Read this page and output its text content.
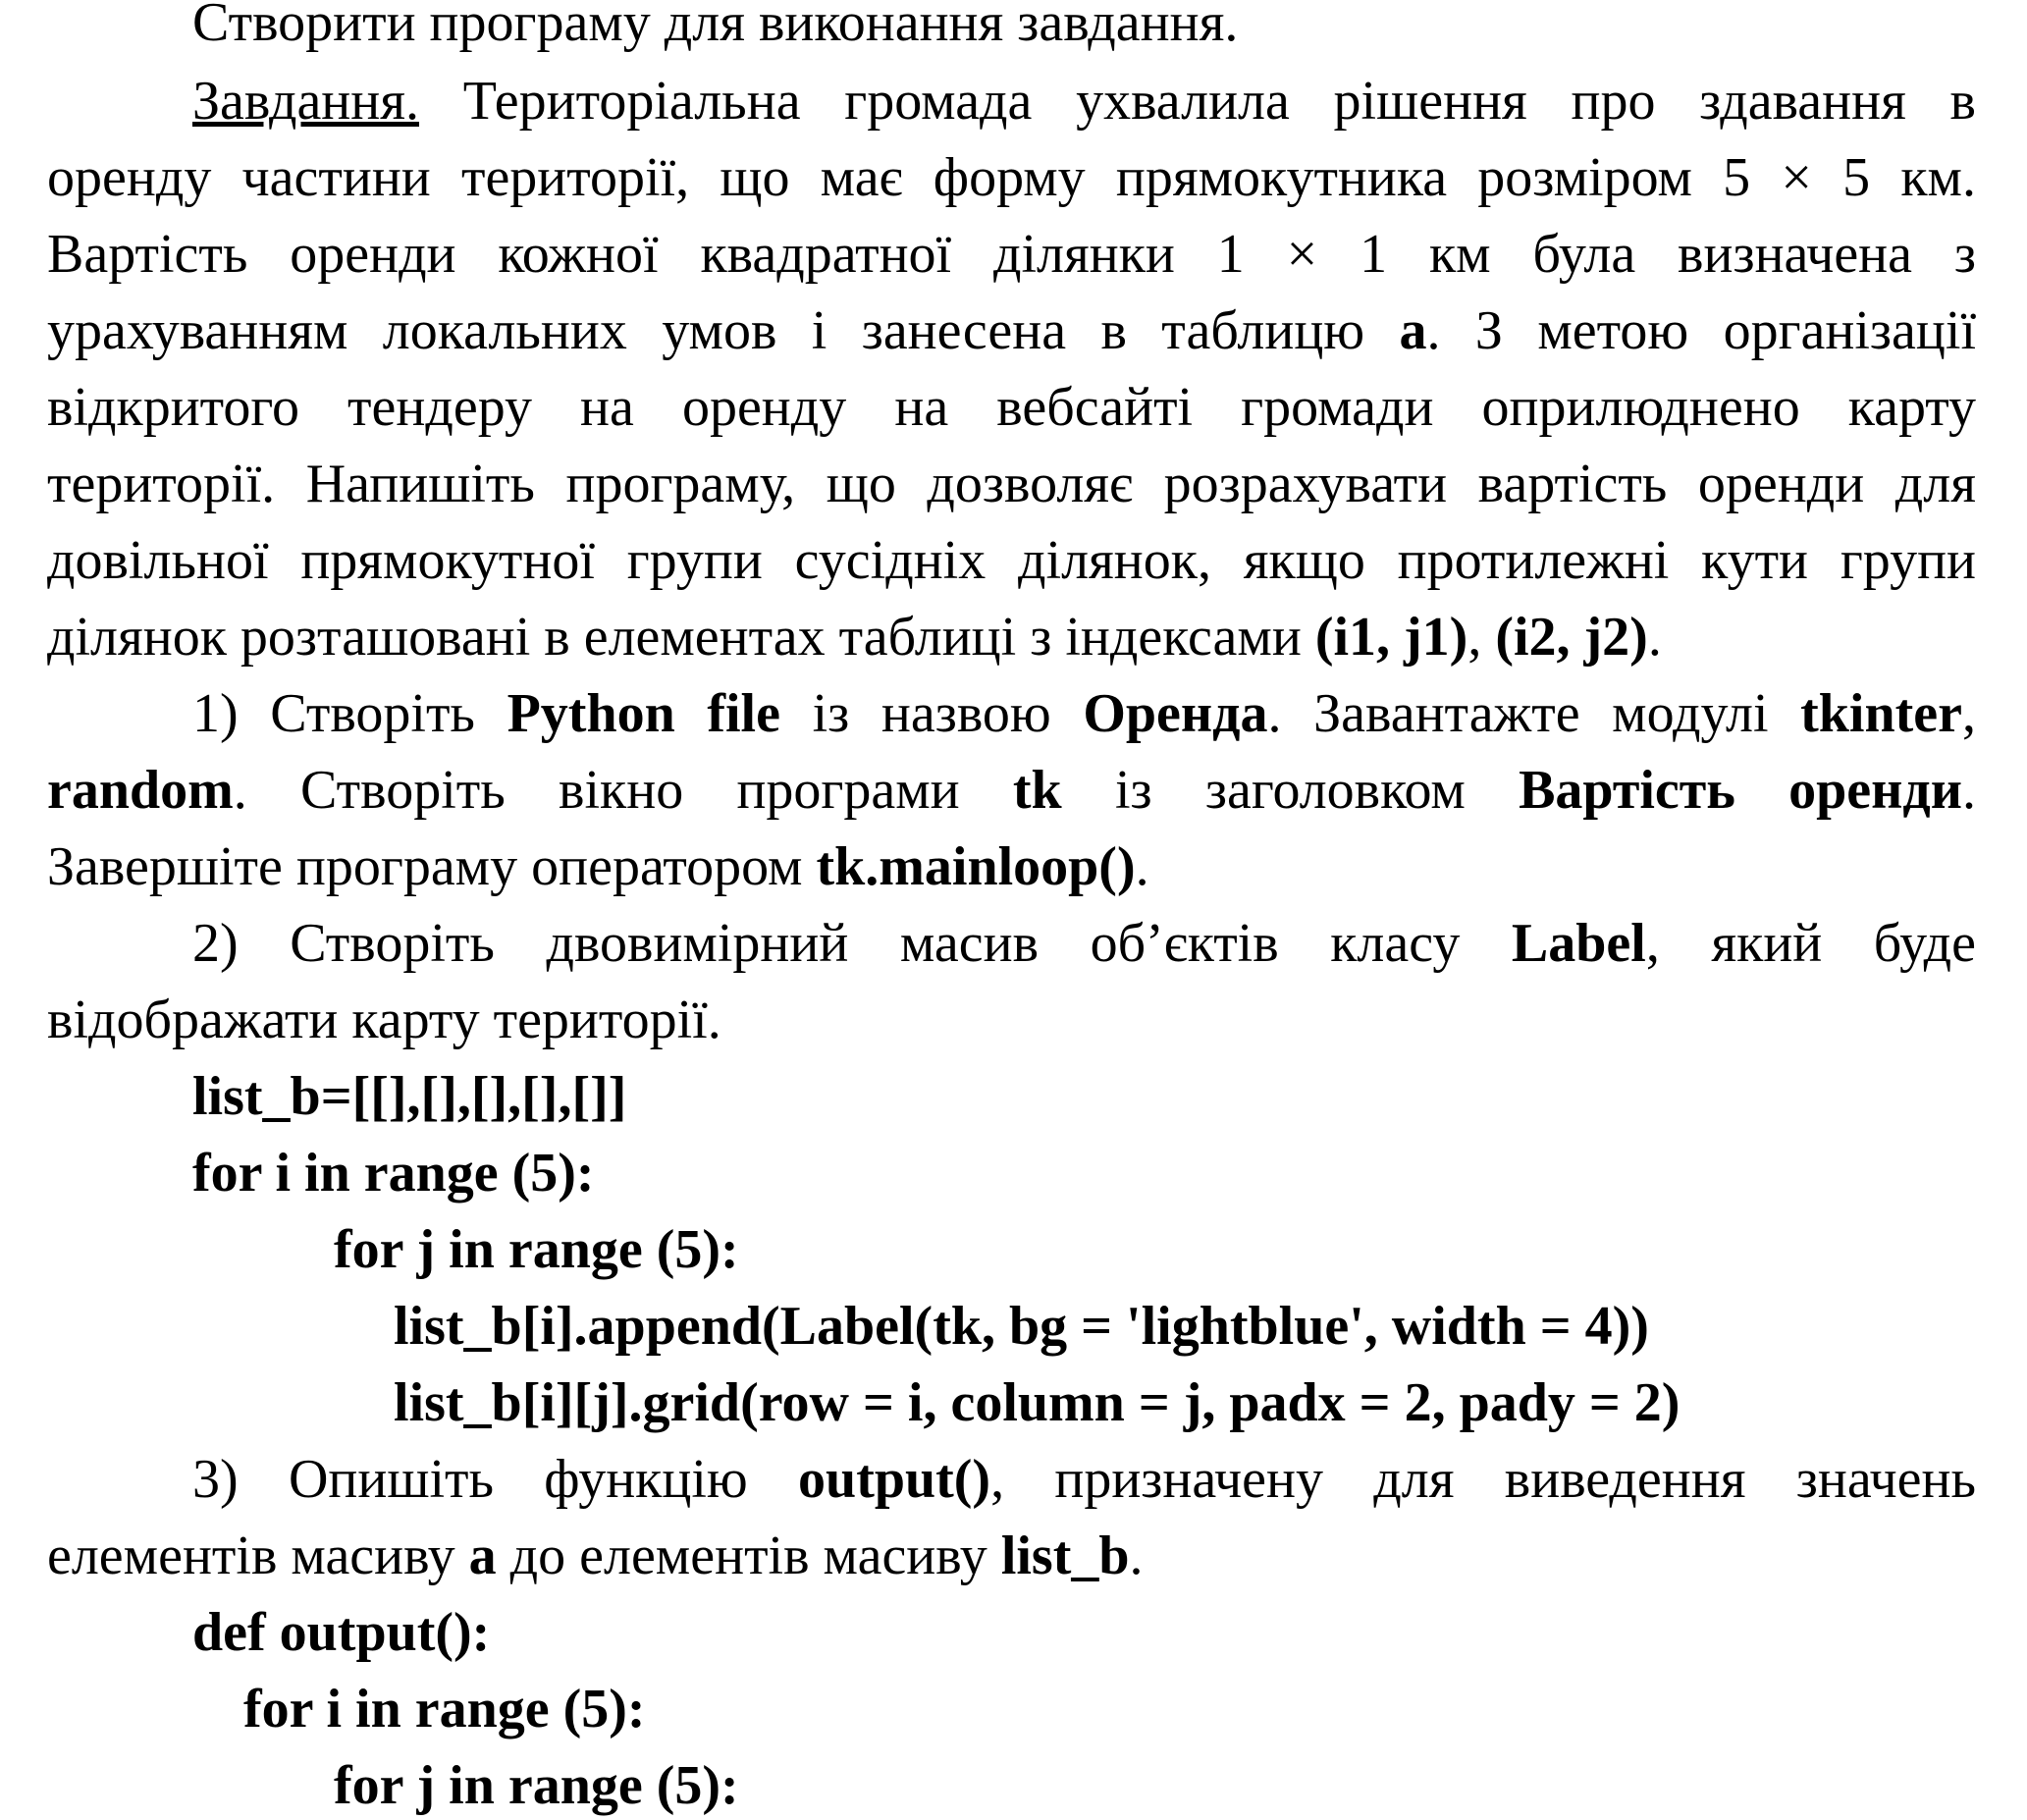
Створити програму для виконання завдання.
Завдання. Територіальна громада ухвалила рішення про здавання в
оренду частини території, що має форму прямокутника розміром 5 × 5 км.
Вартість оренди кожної квадратної ділянки 1 × 1 км була визначена з
урахуванням локальних умов і занесена в таблицю a. З метою організації
відкритого тендеру на оренду на вебсайті громади оприлюднено карту
території. Напишіть програму, що дозволяє розрахувати вартість оренди для
довільної прямокутної групи сусідніх ділянок, якщо протилежні кути групи
ділянок розташовані в елементах таблиці з індексами (i1, j1), (i2, j2).
1) Створіть Python file із назвою Оренда. Завантажте модулі tkinter,
random. Створіть вікно програми tk із заголовком Вартість оренди.
Завершіте програму оператором tk.mainloop().
2) Створіть двовимірний масив об’єктів класу Label, який буде
відображати карту території.
list_b=[[],[],[],[],[]]
for i in range (5):
for j in range (5):
list_b[i].append(Label(tk, bg = 'lightblue', width = 4))
list_b[i][j].grid(row = i, column = j, padx = 2, pady = 2)
3) Опишіть функцію output(), призначену для виведення значень
елементів масиву a до елементів масиву list_b.
def output():
for i in range (5):
for j in range (5):
